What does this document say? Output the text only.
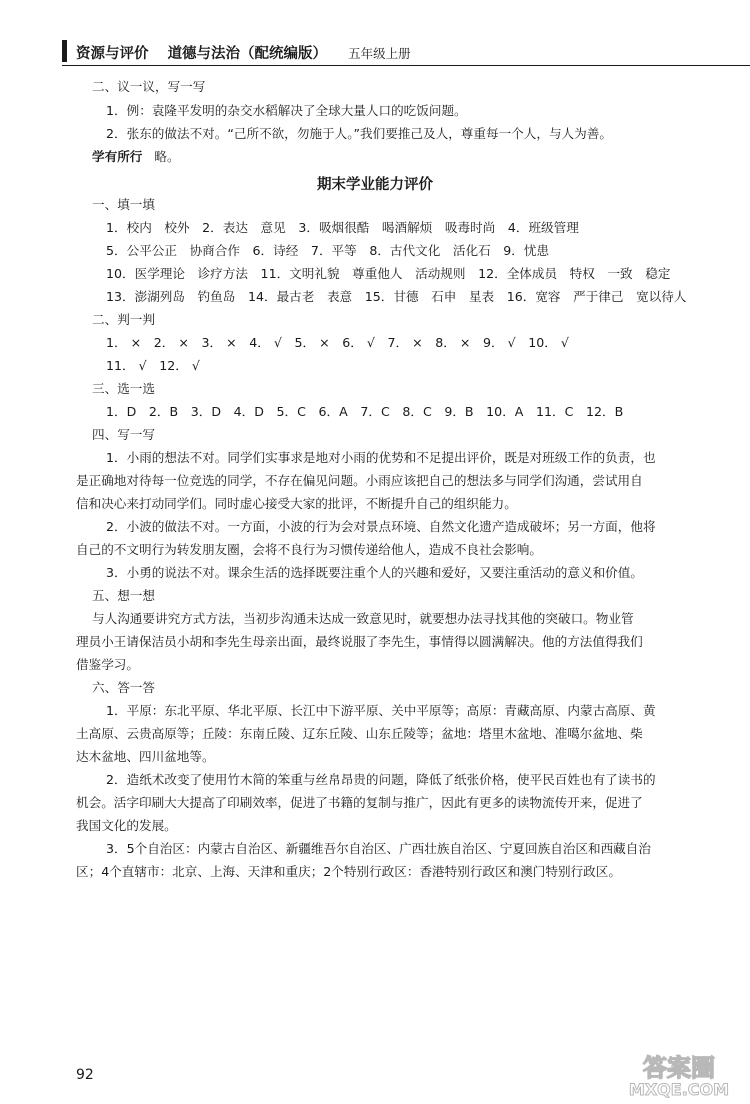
资源与评价 道德与法治（配统编版） 五年级上册
二、议一议，写一写
1．例：袁隆平发明的杂交水稻解决了全球大量人口的吃饭问题。
2．张东的做法不对。“己所不欲，勿施于人。”我们要推己及人，尊重每一个人，与人为善。
学有所行 略。
期末学业能力评价
一、填一填
1．校内　校外　2．表达　意见　3．吸烟很酷　喝酒解烦　吸毒时尚　4．班级管理
5．公平公正　协商合作　6．诗经　7．平等　8．古代文化　活化石　9．忧患
10．医学理论　诊疗方法　11．文明礼貌　尊重他人　活动规则　12．全体成员　特权　一致　稳定
13．澎湖列岛　钓鱼岛　14．最古老　表意　15．甘德　石申　星表　16．宽容　严于律己　宽以待人
二、判一判
1． ×　2． ×　3． ×　4． √　5． ×　6． √　7． ×　8． ×　9． √　10． √
11． √　12． √
三、选一选
1．D　2．B　3．D　4．D　5．C　6．A　7．C　8．C　9．B　10．A　11．C　12．B
四、写一写
1．小雨的想法不对。同学们实事求是地对小雨的优势和不足提出评价，既是对班级工作的负责，也
是正确地对待每一位竞选的同学，不存在偏见问题。小雨应该把自己的想法多与同学们沟通，尝试用自
信和决心来打动同学们。同时虚心接受大家的批评，不断提升自己的组织能力。
2．小波的做法不对。一方面，小波的行为会对景点环境、自然文化遗产造成破坏；另一方面，他将
自己的不文明行为转发朋友圈，会将不良行为习惯传递给他人，造成不良社会影响。
3．小勇的说法不对。课余生活的选择既要注重个人的兴趣和爱好，又要注重活动的意义和价值。
五、想一想
与人沟通要讲究方式方法，当初步沟通未达成一致意见时，就要想办法寻找其他的突破口。物业管
理员小王请保洁员小胡和李先生母亲出面，最终说服了李先生，事情得以圆满解决。他的方法值得我们
借鉴学习。
六、答一答
1．平原：东北平原、华北平原、长江中下游平原、关中平原等；高原：青藏高原、内蒙古高原、黄
土高原、云贵高原等；丘陵：东南丘陵、辽东丘陵、山东丘陵等；盆地：塔里木盆地、准噶尔盆地、柴
达木盆地、四川盆地等。
2．造纸术改变了使用竹木简的笨重与丝帛昂贵的问题，降低了纸张价格，使平民百姓也有了读书的
机会。活字印刷大大提高了印刷效率，促进了书籍的复制与推广，因此有更多的读物流传开来，促进了
我国文化的发展。
3．5个自治区：内蒙古自治区、新疆维吾尔自治区、广西壮族自治区、宁夏回族自治区和西藏自治
区；4个直辖市：北京、上海、天津和重庆；2个特别行政区：香港特别行政区和澳门特别行政区。
92	答案圈
MXQE.COM
